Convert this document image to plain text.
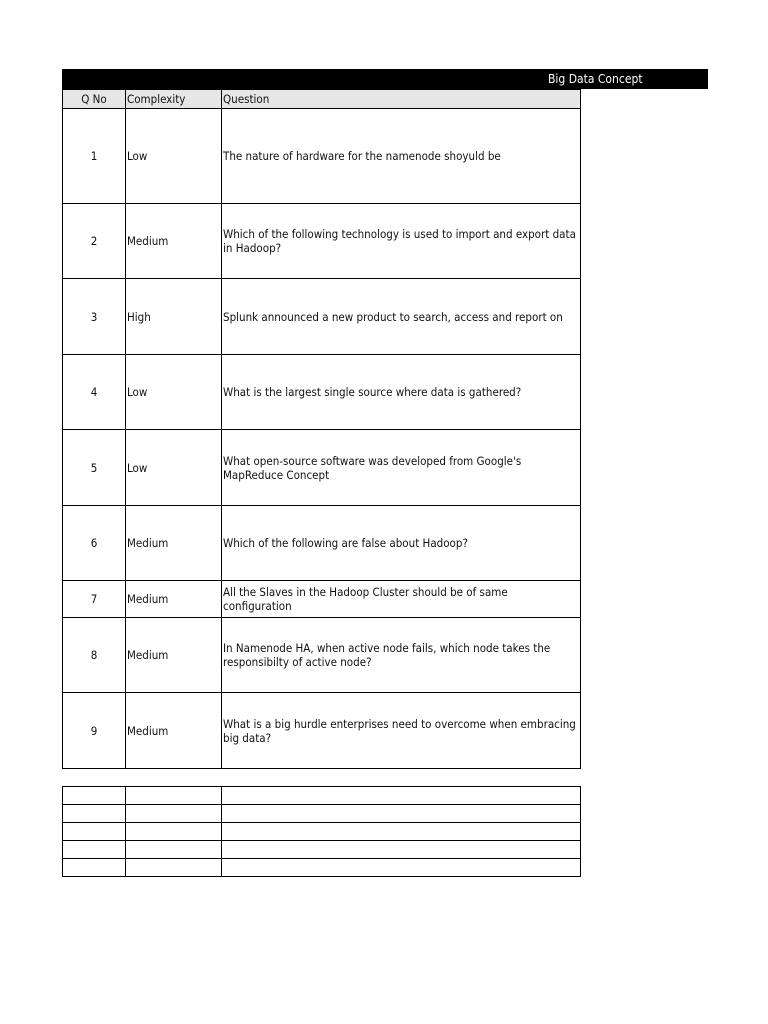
Big Data Concept
Q No	Complexity	Question
1	Low	The nature of hardware for the namenode shoyuld be
2	Medium	Which of the following technology is used to import and export data in Hadoop?
3	High	Splunk announced a new product to search, access and report on
4	Low	What is the largest single source where data is gathered?
5	Low	What open-source software was developed from Google's MapReduce Concept
6	Medium	Which of the following are false about Hadoop?
7	Medium	All the Slaves in the Hadoop Cluster should be of same configuration
8	Medium	In Namenode HA, when active node fails, which node takes the responsibilty of active node?
9	Medium	What is a big hurdle enterprises need to overcome when embracing big data?
